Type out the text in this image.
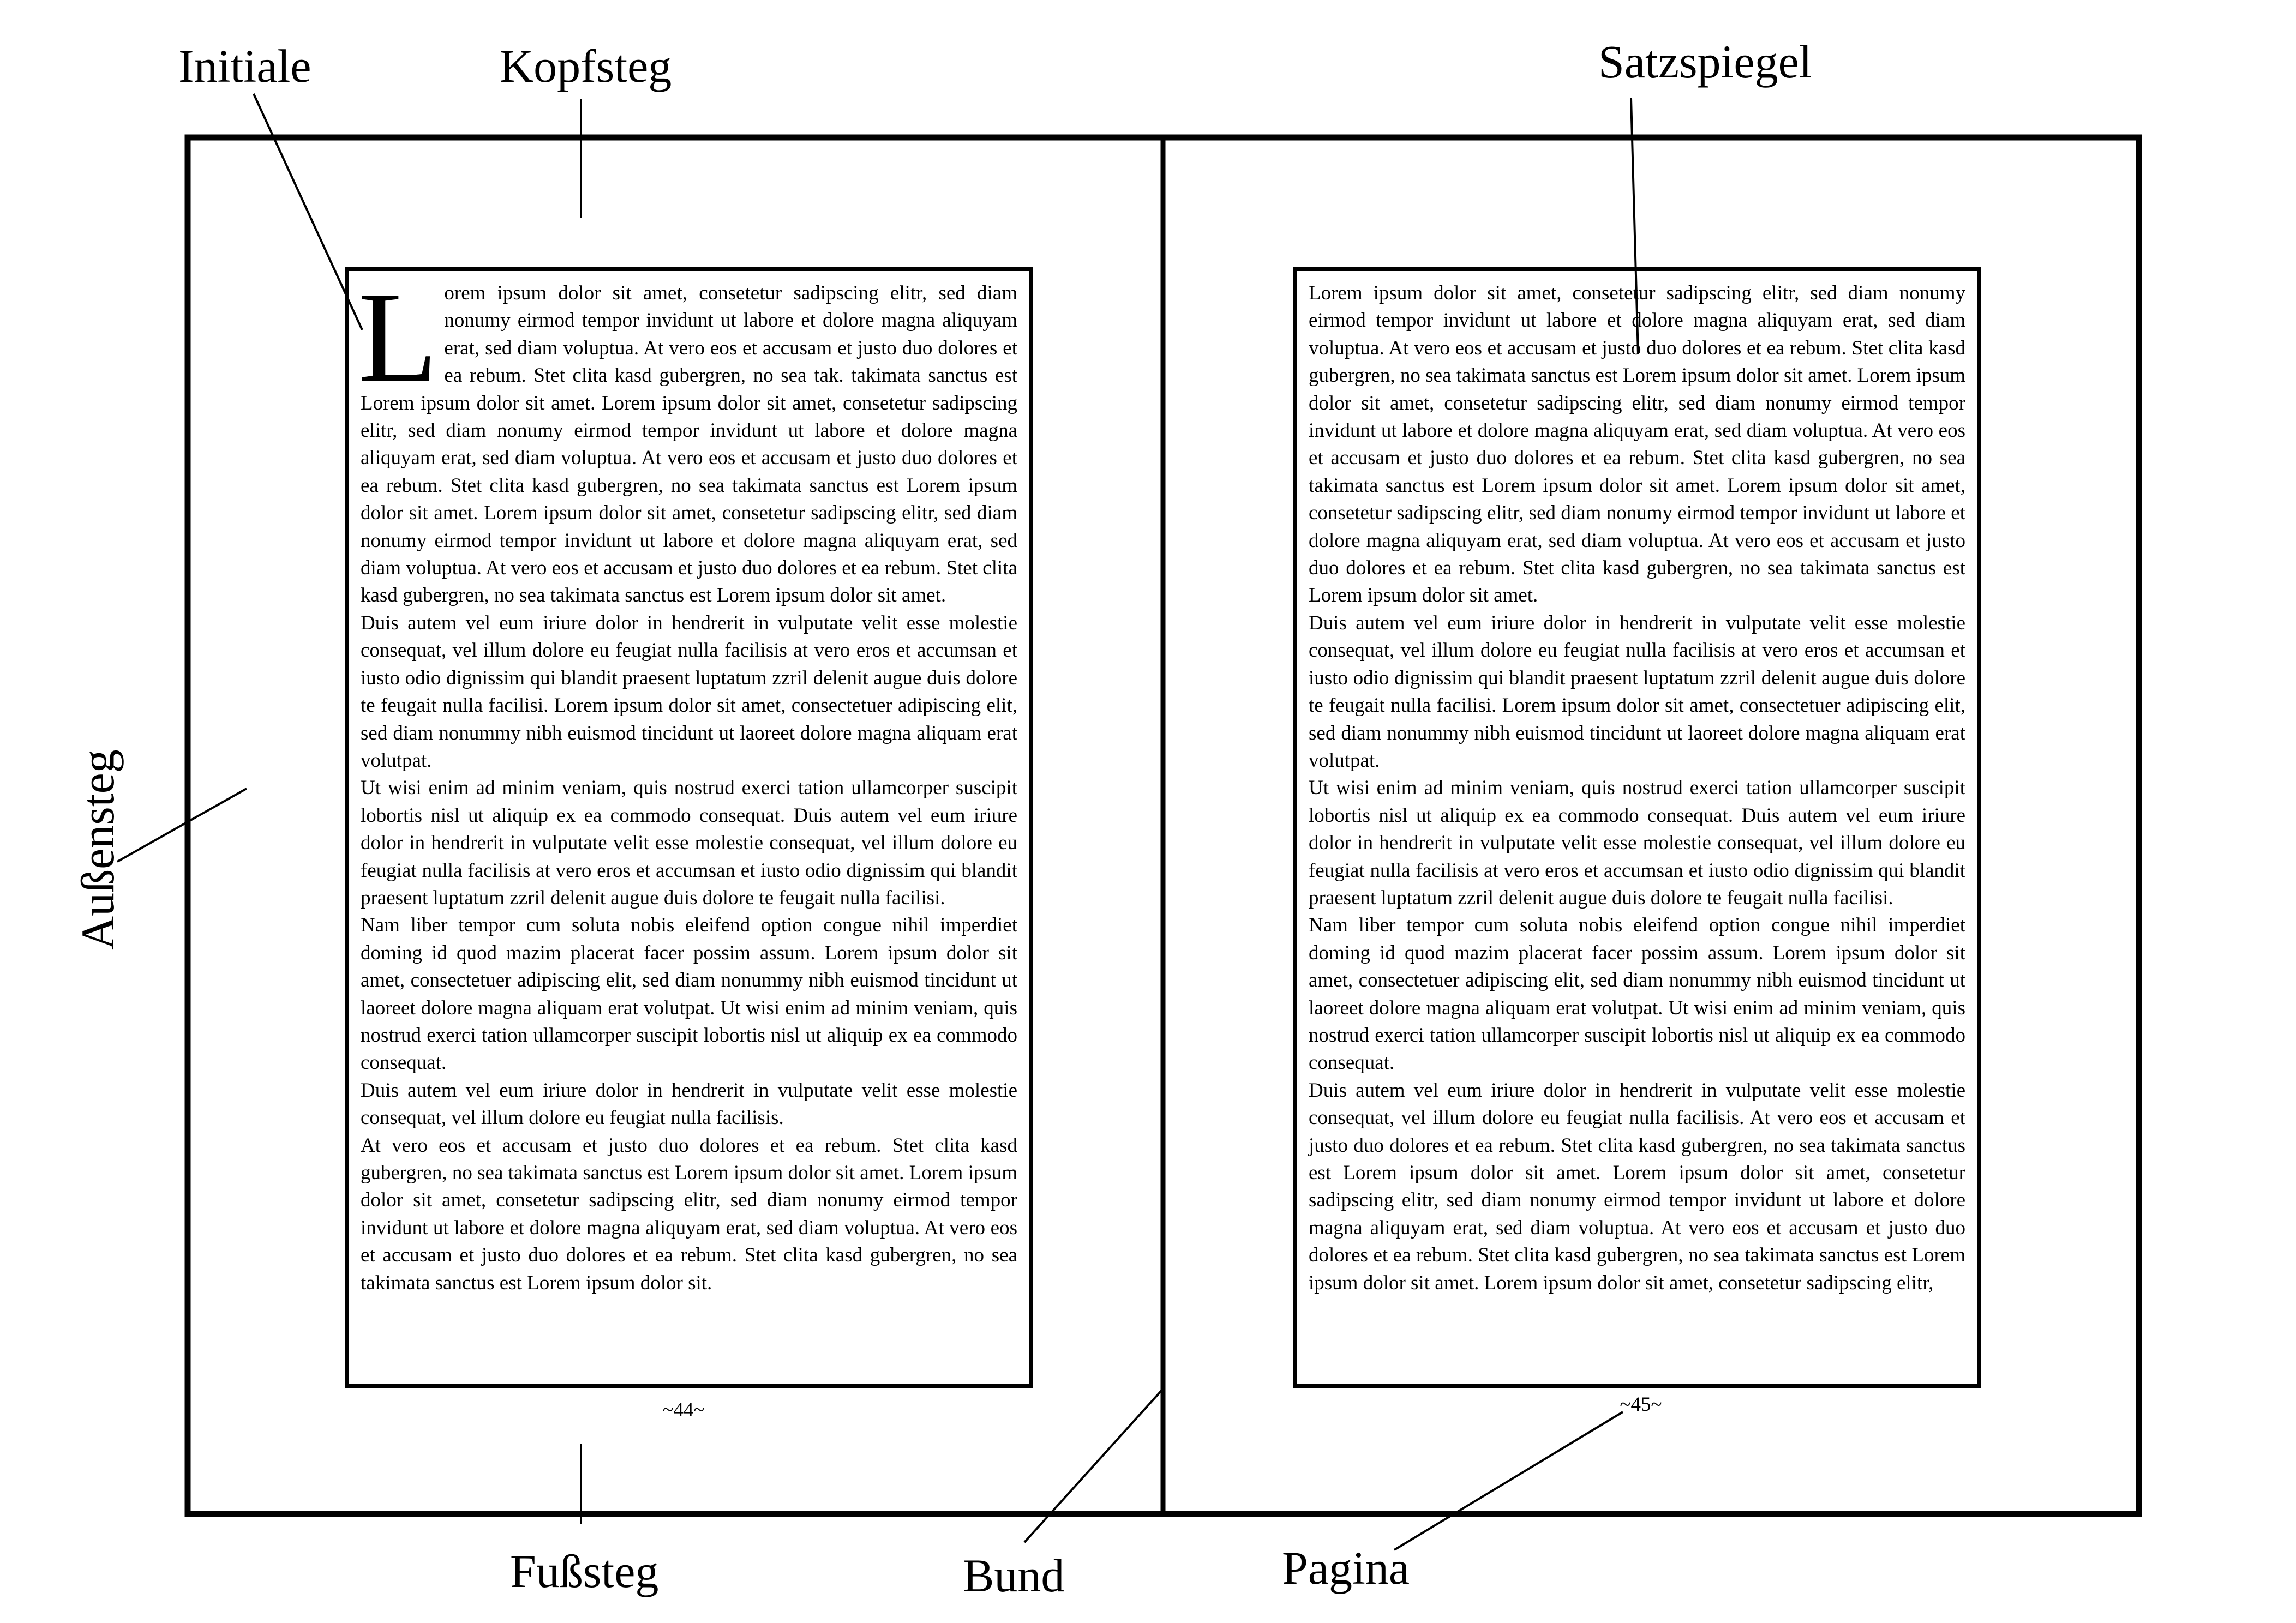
Initiale	Kopfsteg	Satzspiegel
Außensteg
Fußsteg	Bund	Pagina
L orem ipsum dolor sit amet, consetetur sadipscing elitr, sed diam nonumy eirmod tempor invidunt ut labore et dolore magna aliquyam erat, sed diam voluptua. At vero eos et accusam et justo duo dolores et ea rebum. Stet clita kasd gubergren, no sea tak. takimata sanctus est Lorem ipsum dolor sit amet. Lorem ipsum dolor sit amet, consetetur sadipscing elitr, sed diam nonumy eirmod tempor invidunt ut labore et dolore magna aliquyam erat, sed diam voluptua. At vero eos et accusam et justo duo dolores et ea rebum. Stet clita kasd gubergren, no sea takimata sanctus est Lorem ipsum dolor sit amet. Lorem ipsum dolor sit amet, consetetur sadipscing elitr, sed diam nonumy eirmod tempor invidunt ut labore et dolore magna aliquyam erat, sed diam voluptua. At vero eos et accusam et justo duo dolores et ea rebum. Stet clita kasd gubergren, no sea takimata sanctus est Lorem ipsum dolor sit amet.

Duis autem vel eum iriure dolor in hendrerit in vulputate velit esse molestie consequat, vel illum dolore eu feugiat nulla facilisis at vero eros et accumsan et iusto odio dignissim qui blandit praesent luptatum zzril delenit augue duis dolore te feugait nulla facilisi. Lorem ipsum dolor sit amet, consectetuer adipiscing elit, sed diam nonummy nibh euismod tincidunt ut laoreet dolore magna aliquam erat volutpat.

Ut wisi enim ad minim veniam, quis nostrud exerci tation ullamcorper suscipit lobortis nisl ut aliquip ex ea commodo consequat. Duis autem vel eum iriure dolor in hendrerit in vulputate velit esse molestie consequat, vel illum dolore eu feugiat nulla facilisis at vero eros et accumsan et iusto odio dignissim qui blandit praesent luptatum zzril delenit augue duis dolore te feugait nulla facilisi.

Nam liber tempor cum soluta nobis eleifend option congue nihil imperdiet doming id quod mazim placerat facer possim assum. Lorem ipsum dolor sit amet, consectetuer adipiscing elit, sed diam nonummy nibh euismod tincidunt ut laoreet dolore magna aliquam erat volutpat. Ut wisi enim ad minim veniam, quis nostrud exerci tation ullamcorper suscipit lobortis nisl ut aliquip ex ea commodo consequat.

Duis autem vel eum iriure dolor in hendrerit in vulputate velit esse molestie consequat, vel illum dolore eu feugiat nulla facilisis.

At vero eos et accusam et justo duo dolores et ea rebum. Stet clita kasd gubergren, no sea takimata sanctus est Lorem ipsum dolor sit amet. Lorem ipsum dolor sit amet, consetetur sadipscing elitr, sed diam nonumy eirmod tempor invidunt ut labore et dolore magna aliquyam erat, sed diam voluptua. At vero eos et accusam et justo duo dolores et ea rebum. Stet clita kasd gubergren, no sea takimata sanctus est Lorem ipsum dolor sit.

Lorem ipsum dolor sit amet, consetetur sadipscing elitr, sed diam nonumy eirmod tempor invidunt ut labore et dolore magna aliquyam erat, sed diam voluptua. At vero eos et accusam et justo duo dolores et ea rebum. Stet clita kasd gubergren, no sea takimata sanctus est Lorem ipsum dolor sit amet. Lorem ipsum dolor sit amet, consetetur sadipscing elitr, sed diam nonumy eirmod tempor invidunt ut labore et dolore magna aliquyam erat, sed diam voluptua. At vero eos et accusam et justo duo dolores et ea rebum. Stet clita kasd gubergren, no sea takimata sanctus est Lorem ipsum dolor sit amet. Lorem ipsum dolor sit amet, consetetur sadipscing elitr, sed diam nonumy eirmod tempor invidunt ut labore et dolore magna aliquyam erat, sed diam voluptua. At vero eos et accusam et justo duo dolores et ea rebum. Stet clita kasd gubergren, no sea takimata sanctus est Lorem ipsum dolor sit amet.

Duis autem vel eum iriure dolor in hendrerit in vulputate velit esse molestie consequat, vel illum dolore eu feugiat nulla facilisis at vero eros et accumsan et iusto odio dignissim qui blandit praesent luptatum zzril delenit augue duis dolore te feugait nulla facilisi. Lorem ipsum dolor sit amet, consectetuer adipiscing elit, sed diam nonummy nibh euismod tincidunt ut laoreet dolore magna aliquam erat volutpat.

Ut wisi enim ad minim veniam, quis nostrud exerci tation ullamcorper suscipit lobortis nisl ut aliquip ex ea commodo consequat. Duis autem vel eum iriure dolor in hendrerit in vulputate velit esse molestie consequat, vel illum dolore eu feugiat nulla facilisis at vero eros et accumsan et iusto odio dignissim qui blandit praesent luptatum zzril delenit augue duis dolore te feugait nulla facilisi.

Nam liber tempor cum soluta nobis eleifend option congue nihil imperdiet doming id quod mazim placerat facer possim assum. Lorem ipsum dolor sit amet, consectetuer adipiscing elit, sed diam nonummy nibh euismod tincidunt ut laoreet dolore magna aliquam erat volutpat. Ut wisi enim ad minim veniam, quis nostrud exerci tation ullamcorper suscipit lobortis nisl ut aliquip ex ea commodo consequat.

Duis autem vel eum iriure dolor in hendrerit in vulputate velit esse molestie consequat, vel illum dolore eu feugiat nulla facilisis. At vero eos et accusam et justo duo dolores et ea rebum. Stet clita kasd gubergren, no sea takimata sanctus est Lorem ipsum dolor sit amet. Lorem ipsum dolor sit amet, consetetur sadipscing elitr, sed diam nonumy eirmod tempor invidunt ut labore et dolore magna aliquyam erat, sed diam voluptua. At vero eos et accusam et justo duo dolores et ea rebum. Stet clita kasd gubergren, no sea takimata sanctus est Lorem ipsum dolor sit amet. Lorem ipsum dolor sit amet, consetetur sadipscing elitr,

~44~	~45~
